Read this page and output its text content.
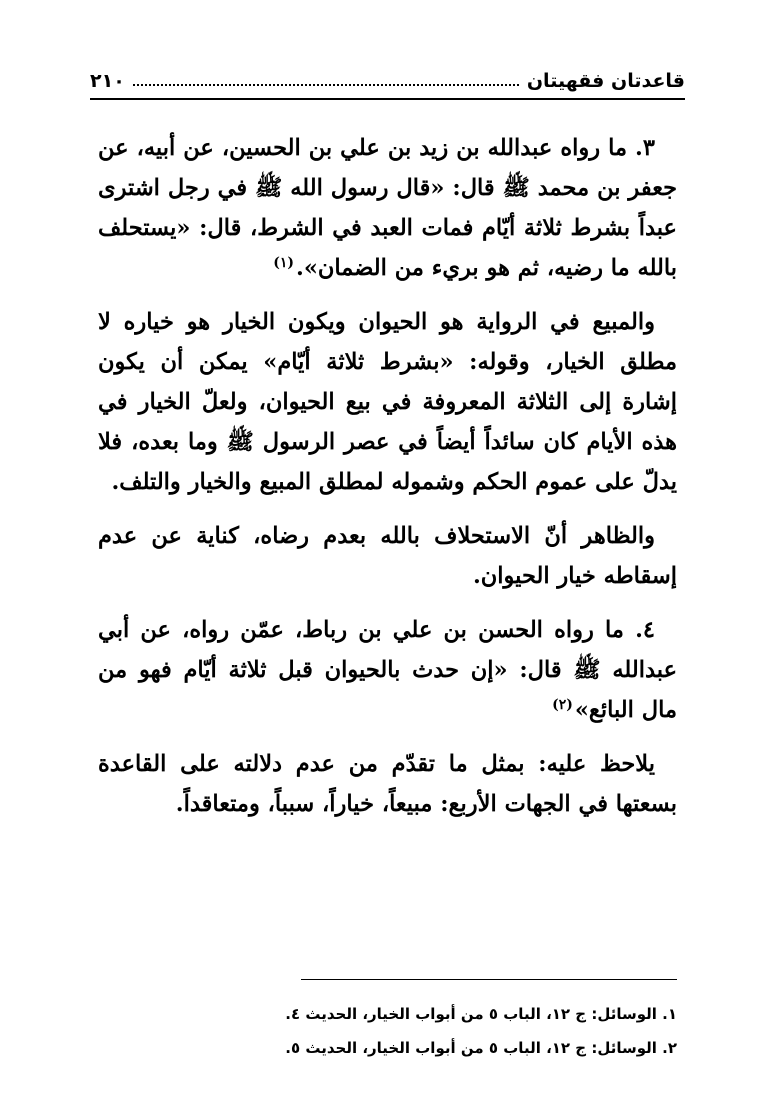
قاعدتان فقهيتان
٢١٠

٣. ما رواه عبدالله بن زيد بن علي بن الحسين، عن أبيه، عن جعفر بن محمد ﷺ قال: «قال رسول الله ﷺ في رجل اشترى عبداً بشرط ثلاثة أيّام فمات العبد في الشرط، قال: «يستحلف بالله ما رضيه، ثم هو بريء من الضمان».$^{(١)}$

والمبيع في الرواية هو الحيوان ويكون الخيار هو خياره لا مطلق الخيار، وقوله: «بشرط ثلاثة أيّام» يمكن أن يكون إشارة إلى الثلاثة المعروفة في بيع الحيوان، ولعلّ الخيار في هذه الأيام كان سائداً أيضاً في عصر الرسول ﷺ وما بعده، فلا يدلّ على عموم الحكم وشموله لمطلق المبيع والخيار والتلف.

والظاهر أنّ الاستحلاف بالله بعدم رضاه، كناية عن عدم إسقاطه خيار الحيوان.

٤. ما رواه الحسن بن علي بن رباط، عمّن رواه، عن أبي عبدالله ﷺ قال: «إن حدث بالحيوان قبل ثلاثة أيّام فهو من مال البائع»$^{(٢)}$

يلاحظ عليه: بمثل ما تقدّم من عدم دلالته على القاعدة بسعتها في الجهات الأربع: مبيعاً، خياراً، سبباً، ومتعاقداً.

١. الوسائل: ج ١٢، الباب ٥ من أبواب الخيار، الحديث ٤.
٢. الوسائل: ج ١٢، الباب ٥ من أبواب الخيار، الحديث ٥.
